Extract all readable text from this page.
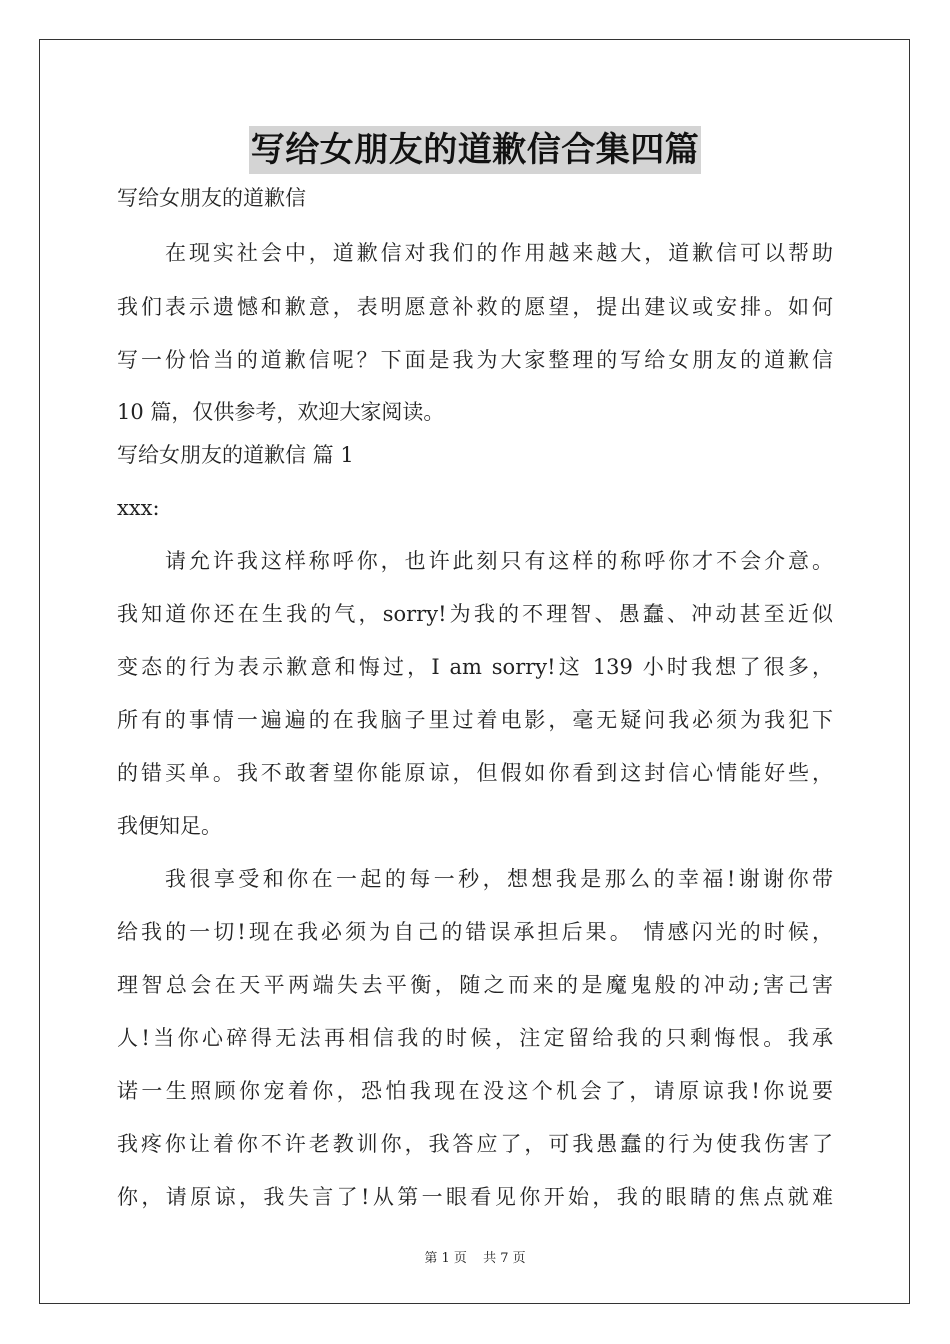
写给女朋友的道歉信合集四篇
写给女朋友的道歉信
在现实社会中，道歉信对我们的作用越来越大，道歉信可以帮助
我们表示遗憾和歉意，表明愿意补救的愿望，提出建议或安排。如何
写一份恰当的道歉信呢？下面是我为大家整理的写给女朋友的道歉信
10 篇，仅供参考，欢迎大家阅读。
写给女朋友的道歉信 篇 1
xxx:
请允许我这样称呼你，也许此刻只有这样的称呼你才不会介意。
我知道你还在生我的气，sorry!为我的不理智、愚蠢、冲动甚至近似
变态的行为表示歉意和悔过，I am sorry!这 139 小时我想了很多，
所有的事情一遍遍的在我脑子里过着电影，毫无疑问我必须为我犯下
的错买单。我不敢奢望你能原谅，但假如你看到这封信心情能好些，
我便知足。
我很享受和你在一起的每一秒，想想我是那么的幸福!谢谢你带
给我的一切!现在我必须为自己的错误承担后果。 情感闪光的时候，
理智总会在天平两端失去平衡，随之而来的是魔鬼般的冲动;害己害
人!当你心碎得无法再相信我的时候，注定留给我的只剩悔恨。我承
诺一生照顾你宠着你，恐怕我现在没这个机会了，请原谅我!你说要
我疼你让着你不许老教训你，我答应了，可我愚蠢的行为使我伤害了
你，请原谅，我失言了!从第一眼看见你开始，我的眼睛的焦点就难
第 1 页 共 7 页
